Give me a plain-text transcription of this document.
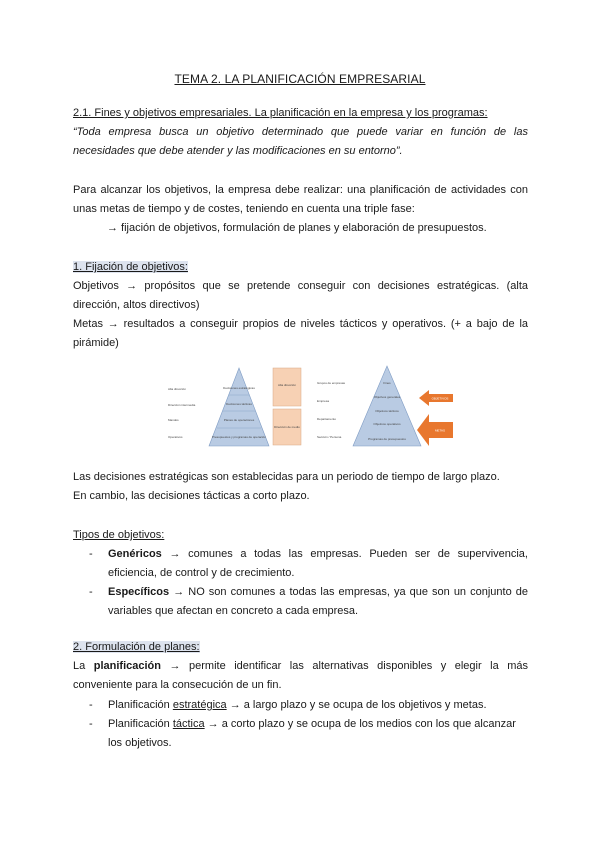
TEMA 2. LA PLANIFICACIÓN EMPRESARIAL
2.1. Fines y objetivos empresariales. La planificación en la empresa y los programas:
“Toda empresa busca un objetivo determinado que puede variar en función de las necesidades que debe atender y las modificaciones en su entorno”.
Para alcanzar los objetivos, la empresa debe realizar: una planificación de actividades con unas metas de tiempo y de costes, teniendo en cuenta una triple fase:
→ fijación de objetivos, formulación de planes y elaboración de presupuestos.
1. Fijación de objetivos:
Objetivos → propósitos que se pretende conseguir con decisiones estratégicas. (alta dirección, altos directivos)
Metas → resultados a conseguir propios de niveles tácticos y operativos. (+ a bajo de la pirámide)
Alta dirección
Dirección intermedia
Mandos
Operativos
Decisiones estratégicas
Decisiones tácticas
Planes de operaciones
Presupuestos y programas de operación
Alta dirección
Dirección de medio
Grupos de empresas
Empresa
Departamento
Sección / Persona
Fines
Objetivos generales
Objetivos tácticos
Objetivos operativos
Programas de presupuestos
OBJETIVOS
METAS
Las decisiones estratégicas son establecidas para un periodo de tiempo de largo plazo.
En cambio, las decisiones tácticas a corto plazo.
Tipos de objetivos:
- Genéricos → comunes a todas las empresas. Pueden ser de supervivencia, eficiencia, de control y de crecimiento.
- Específicos → NO son comunes a todas las empresas, ya que son un conjunto de variables que afectan en concreto a cada empresa.
2. Formulación de planes:
La planificación → permite identificar las alternativas disponibles y elegir la más conveniente para la consecución de un fin.
- Planificación estratégica → a largo plazo y se ocupa de los objetivos y metas.
- Planificación táctica → a corto plazo y se ocupa de los medios con los que alcanzar los objetivos.
